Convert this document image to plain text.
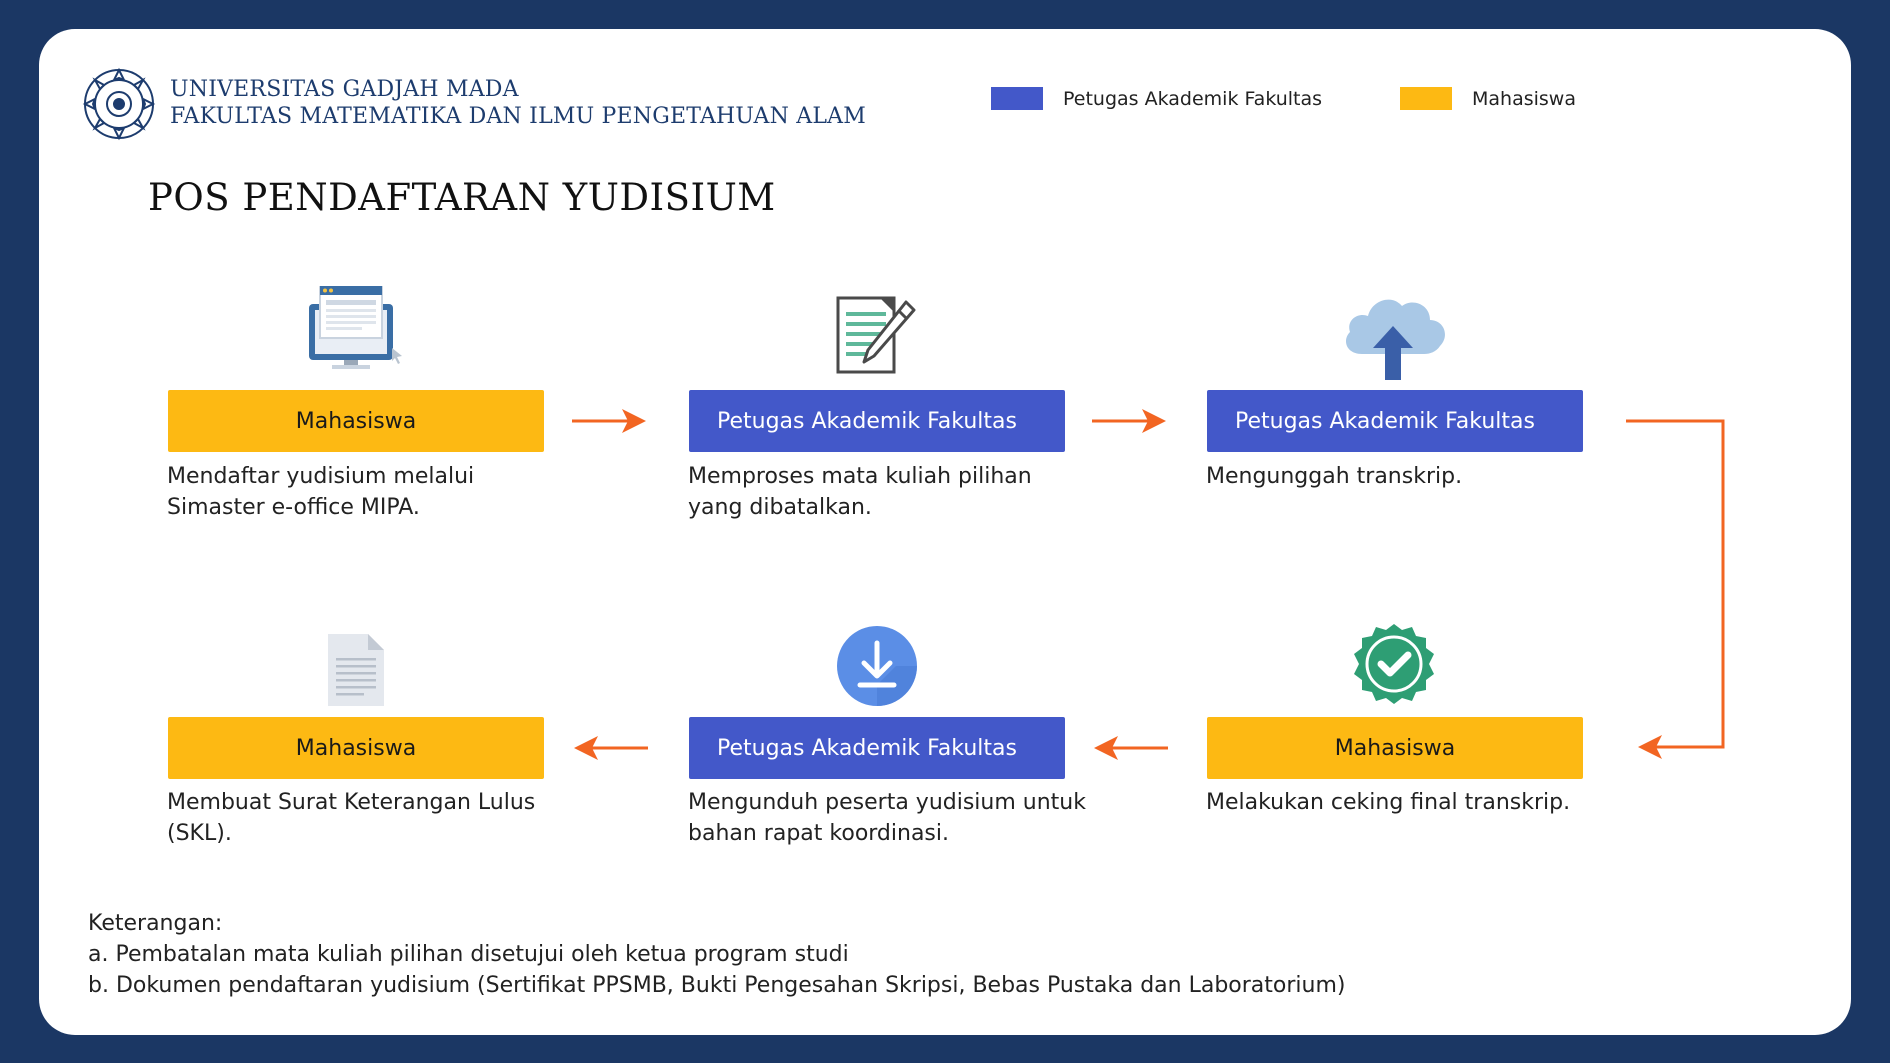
UNIVERSITAS GADJAH MADA
FAKULTAS MATEMATIKA DAN ILMU PENGETAHUAN ALAM
Petugas Akademik Fakultas	Mahasiswa
POS PENDAFTARAN YUDISIUM
Mahasiswa
Mendaftar yudisium melalui
Simaster e-office MIPA.
Petugas Akademik Fakultas
Memproses mata kuliah pilihan
yang dibatalkan.
Petugas Akademik Fakultas
Mengunggah transkrip.
Mahasiswa
Melakukan ceking final transkrip.
Petugas Akademik Fakultas
Mengunduh peserta yudisium untuk
bahan rapat koordinasi.
Mahasiswa
Membuat Surat Keterangan Lulus (SKL).
Keterangan:
a. Pembatalan mata kuliah pilihan disetujui oleh ketua program studi
b. Dokumen pendaftaran yudisium (Sertifikat PPSMB, Bukti Pengesahan Skripsi, Bebas Pustaka dan Laboratorium)
